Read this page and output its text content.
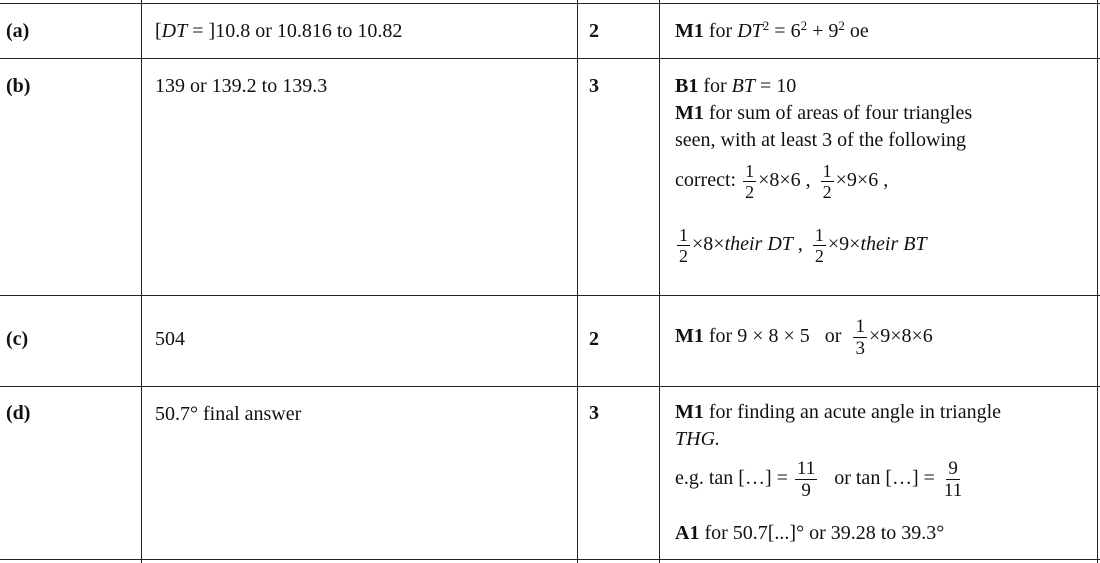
(a)	[DT = ]10.8 or 10.816 to 10.82	2	M1 for $DT^2 = 6^2 + 9^2$ oe
(b)	139 or 139.2 to 139.3	3	B1 for BT = 10
M1 for sum of areas of four triangles
seen, with at least 3 of the following
correct: $\frac{1}{2} \times 8\times 6$ , $\frac{1}{2} \times 9\times 6$ ,
$\frac{1}{2}$ ×8×their DT , $\frac{1}{2}$ ×9×their BT
(c)	504	2	M1 for 9 × 8 × 5   or $\frac{1}{3} \times 9\times 8\times 6$
(d)	50.7° final answer	3	M1 for finding an acute angle in triangle
THG.
e.g. tan […] = $\frac{11}{9}$ or tan […] = $\frac{9}{11}$
A1 for 50.7[...]° or 39.28 to 39.3°
